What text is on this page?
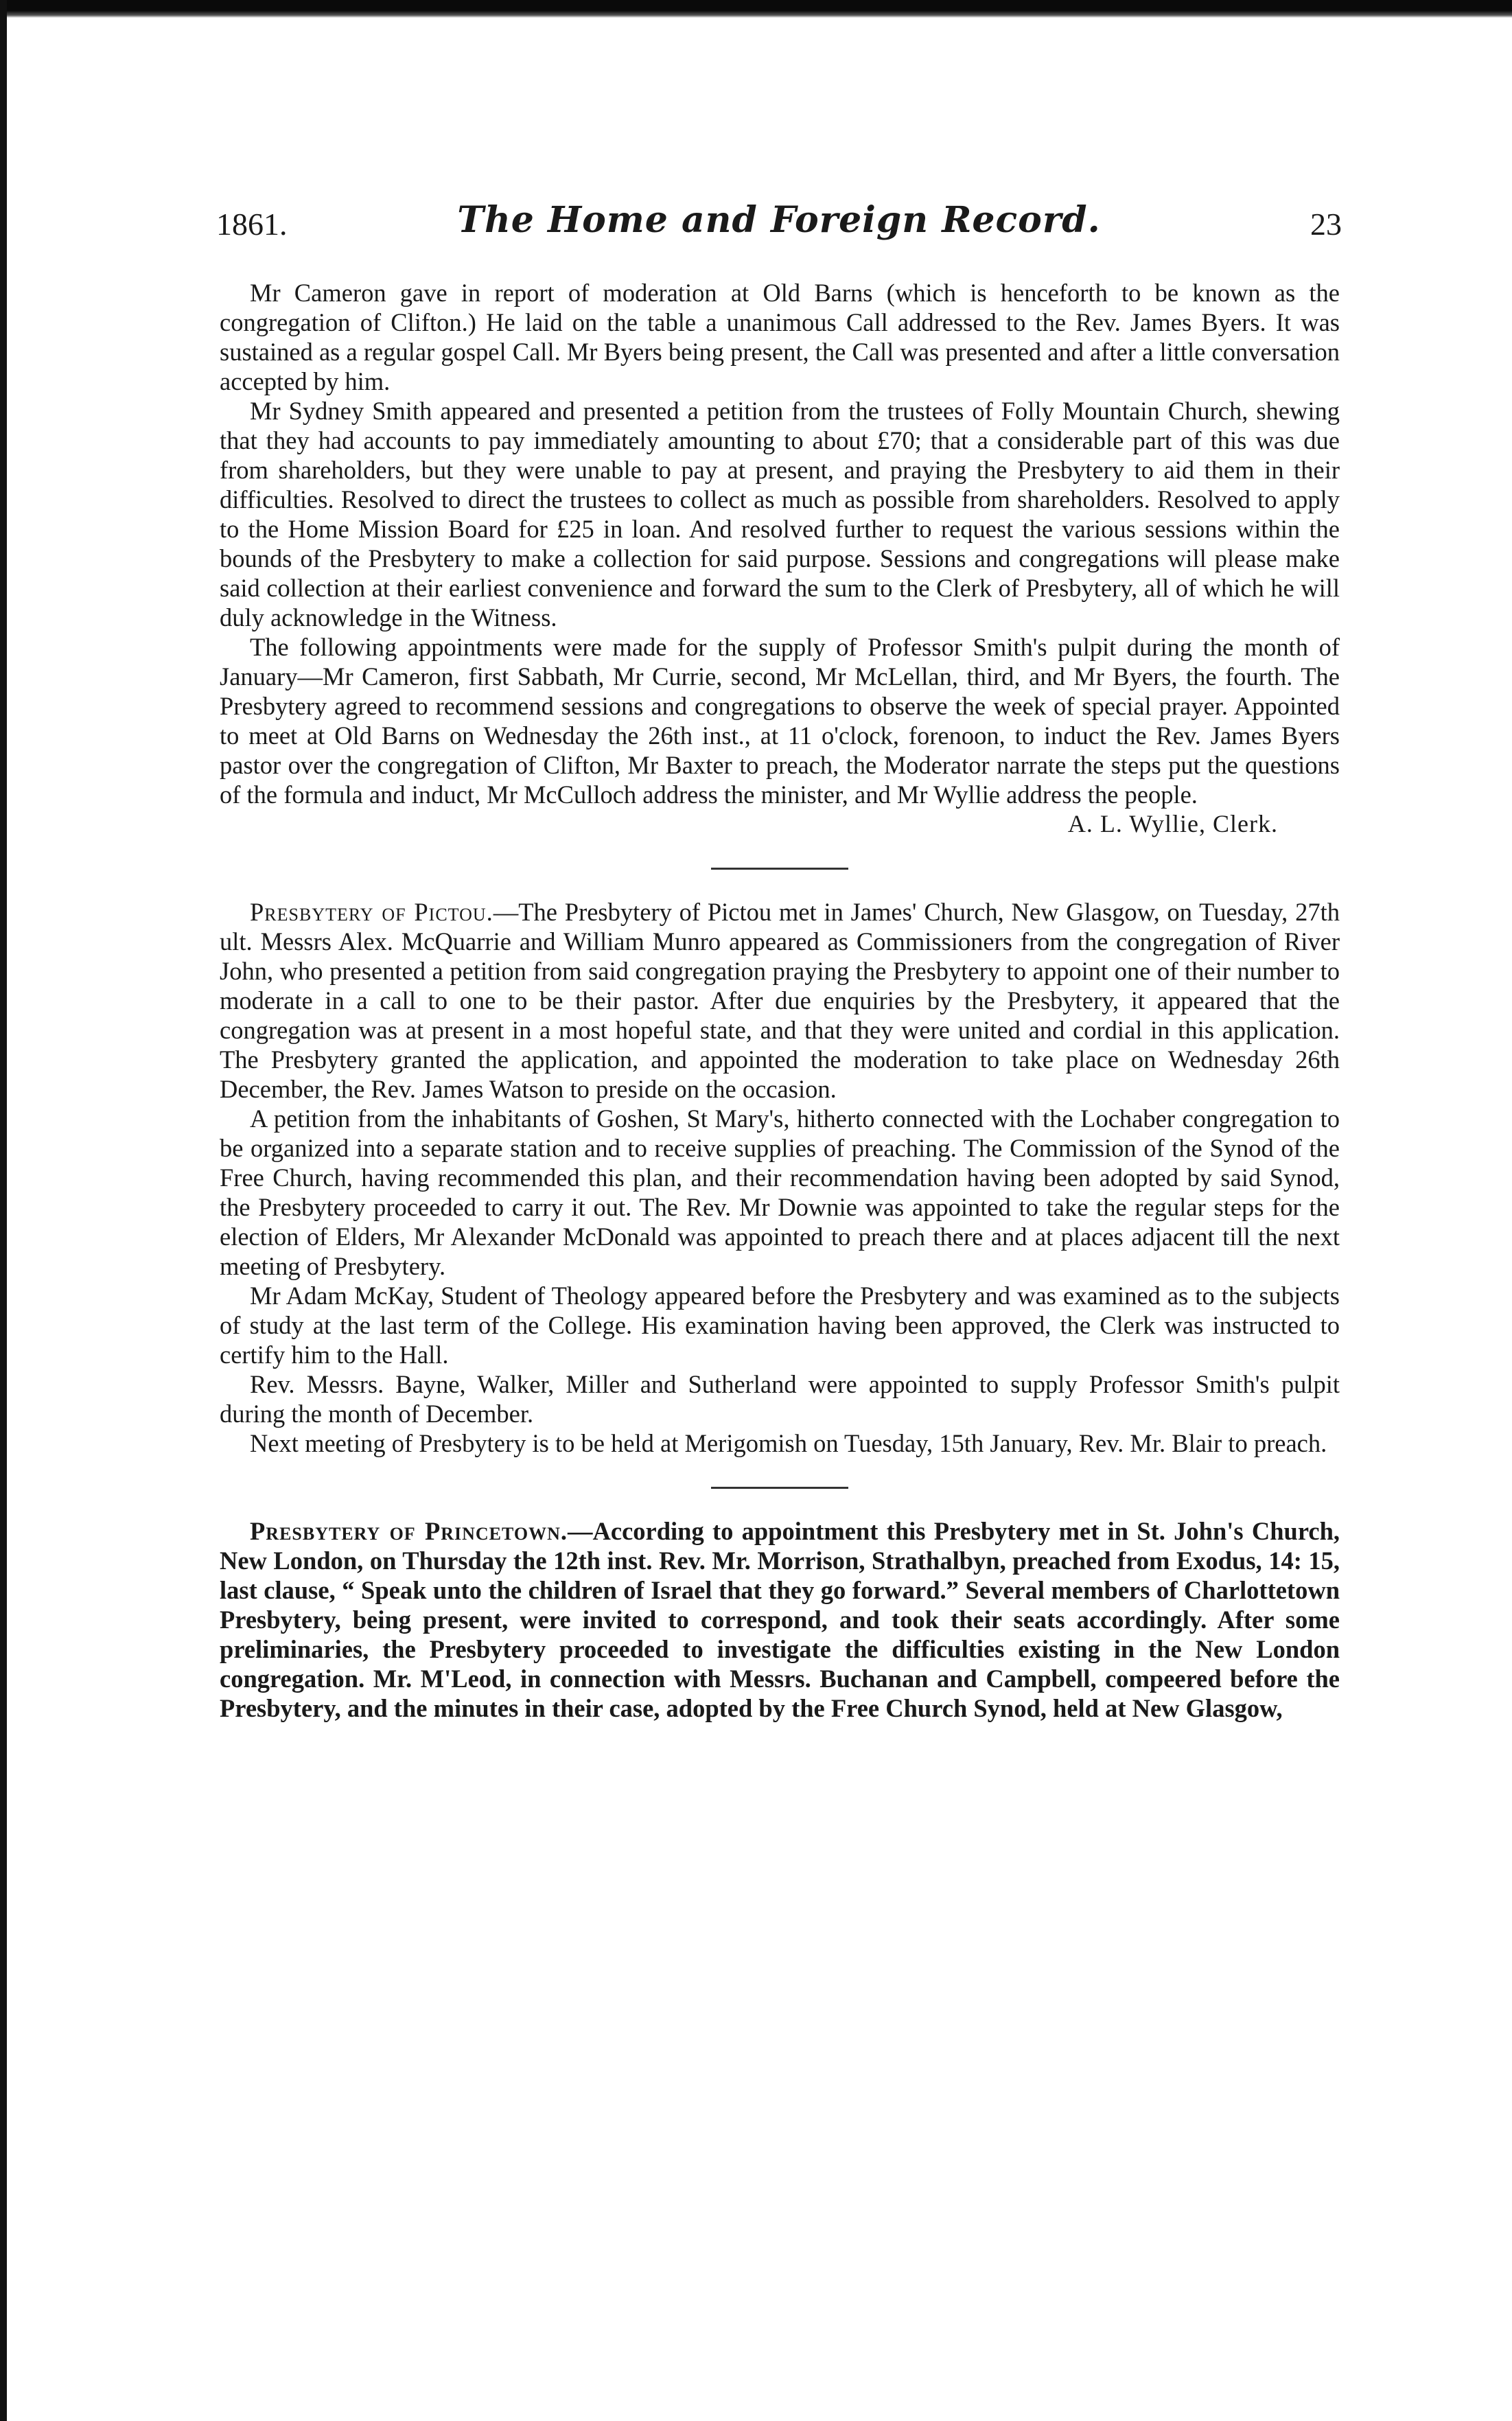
1861.	The Home and Foreign Record.	23

Mr Cameron gave in report of moderation at Old Barns (which is henceforth to be known as the congregation of Clifton.) He laid on the table a unanimous Call addressed to the Rev. James Byers. It was sustained as a regular gospel Call. Mr Byers being present, the Call was presented and after a little conversation accepted by him.

Mr Sydney Smith appeared and presented a petition from the trustees of Folly Mountain Church, shewing that they had accounts to pay immediately amounting to about £70; that a considerable part of this was due from shareholders, but they were unable to pay at present, and praying the Presbytery to aid them in their difficulties. Resolved to direct the trustees to collect as much as possible from shareholders. Resolved to apply to the Home Mission Board for £25 in loan. And resolved further to request the various sessions within the bounds of the Presbytery to make a collection for said purpose. Sessions and congregations will please make said collection at their earliest convenience and forward the sum to the Clerk of Presbytery, all of which he will duly acknowledge in the Witness.

The following appointments were made for the supply of Professor Smith's pulpit during the month of January—Mr Cameron, first Sabbath, Mr Currie, second, Mr McLellan, third, and Mr Byers, the fourth. The Presbytery agreed to recommend sessions and congregations to observe the week of special prayer. Appointed to meet at Old Barns on Wednesday the 26th inst., at 11 o'clock, forenoon, to induct the Rev. James Byers pastor over the congregation of Clifton, Mr Baxter to preach, the Moderator narrate the steps put the questions of the formula and induct, Mr McCulloch address the minister, and Mr Wyllie address the people.

A. L. Wyllie, Clerk.

Presbytery of Pictou.—The Presbytery of Pictou met in James' Church, New Glasgow, on Tuesday, 27th ult. Messrs Alex. McQuarrie and William Munro appeared as Commissioners from the congregation of River John, who presented a petition from said congregation praying the Presbytery to appoint one of their number to moderate in a call to one to be their pastor. After due enquiries by the Presbytery, it appeared that the congregation was at present in a most hopeful state, and that they were united and cordial in this application. The Presbytery granted the application, and appointed the moderation to take place on Wednesday 26th December, the Rev. James Watson to preside on the occasion.

A petition from the inhabitants of Goshen, St Mary's, hitherto connected with the Lochaber congregation to be organized into a separate station and to receive supplies of preaching. The Commission of the Synod of the Free Church, having recommended this plan, and their recommendation having been adopted by said Synod, the Presbytery proceeded to carry it out. The Rev. Mr Downie was appointed to take the regular steps for the election of Elders, Mr Alexander McDonald was appointed to preach there and at places adjacent till the next meeting of Presbytery.

Mr Adam McKay, Student of Theology appeared before the Presbytery and was examined as to the subjects of study at the last term of the College. His examination having been approved, the Clerk was instructed to certify him to the Hall.

Rev. Messrs. Bayne, Walker, Miller and Sutherland were appointed to supply Professor Smith's pulpit during the month of December.

Next meeting of Presbytery is to be held at Merigomish on Tuesday, 15th January, Rev. Mr. Blair to preach.

Presbytery of Princetown.—According to appointment this Presbytery met in St. John's Church, New London, on Thursday the 12th inst. Rev. Mr. Morrison, Strathalbyn, preached from Exodus, 14: 15, last clause, “ Speak unto the children of Israel that they go forward.” Several members of Charlottetown Presbytery, being present, were invited to correspond, and took their seats accordingly. After some preliminaries, the Presbytery proceeded to investigate the difficulties existing in the New London congregation. Mr. M'Leod, in connection with Messrs. Buchanan and Campbell, compeered before the Presbytery, and the minutes in their case, adopted by the Free Church Synod, held at New Glasgow,
